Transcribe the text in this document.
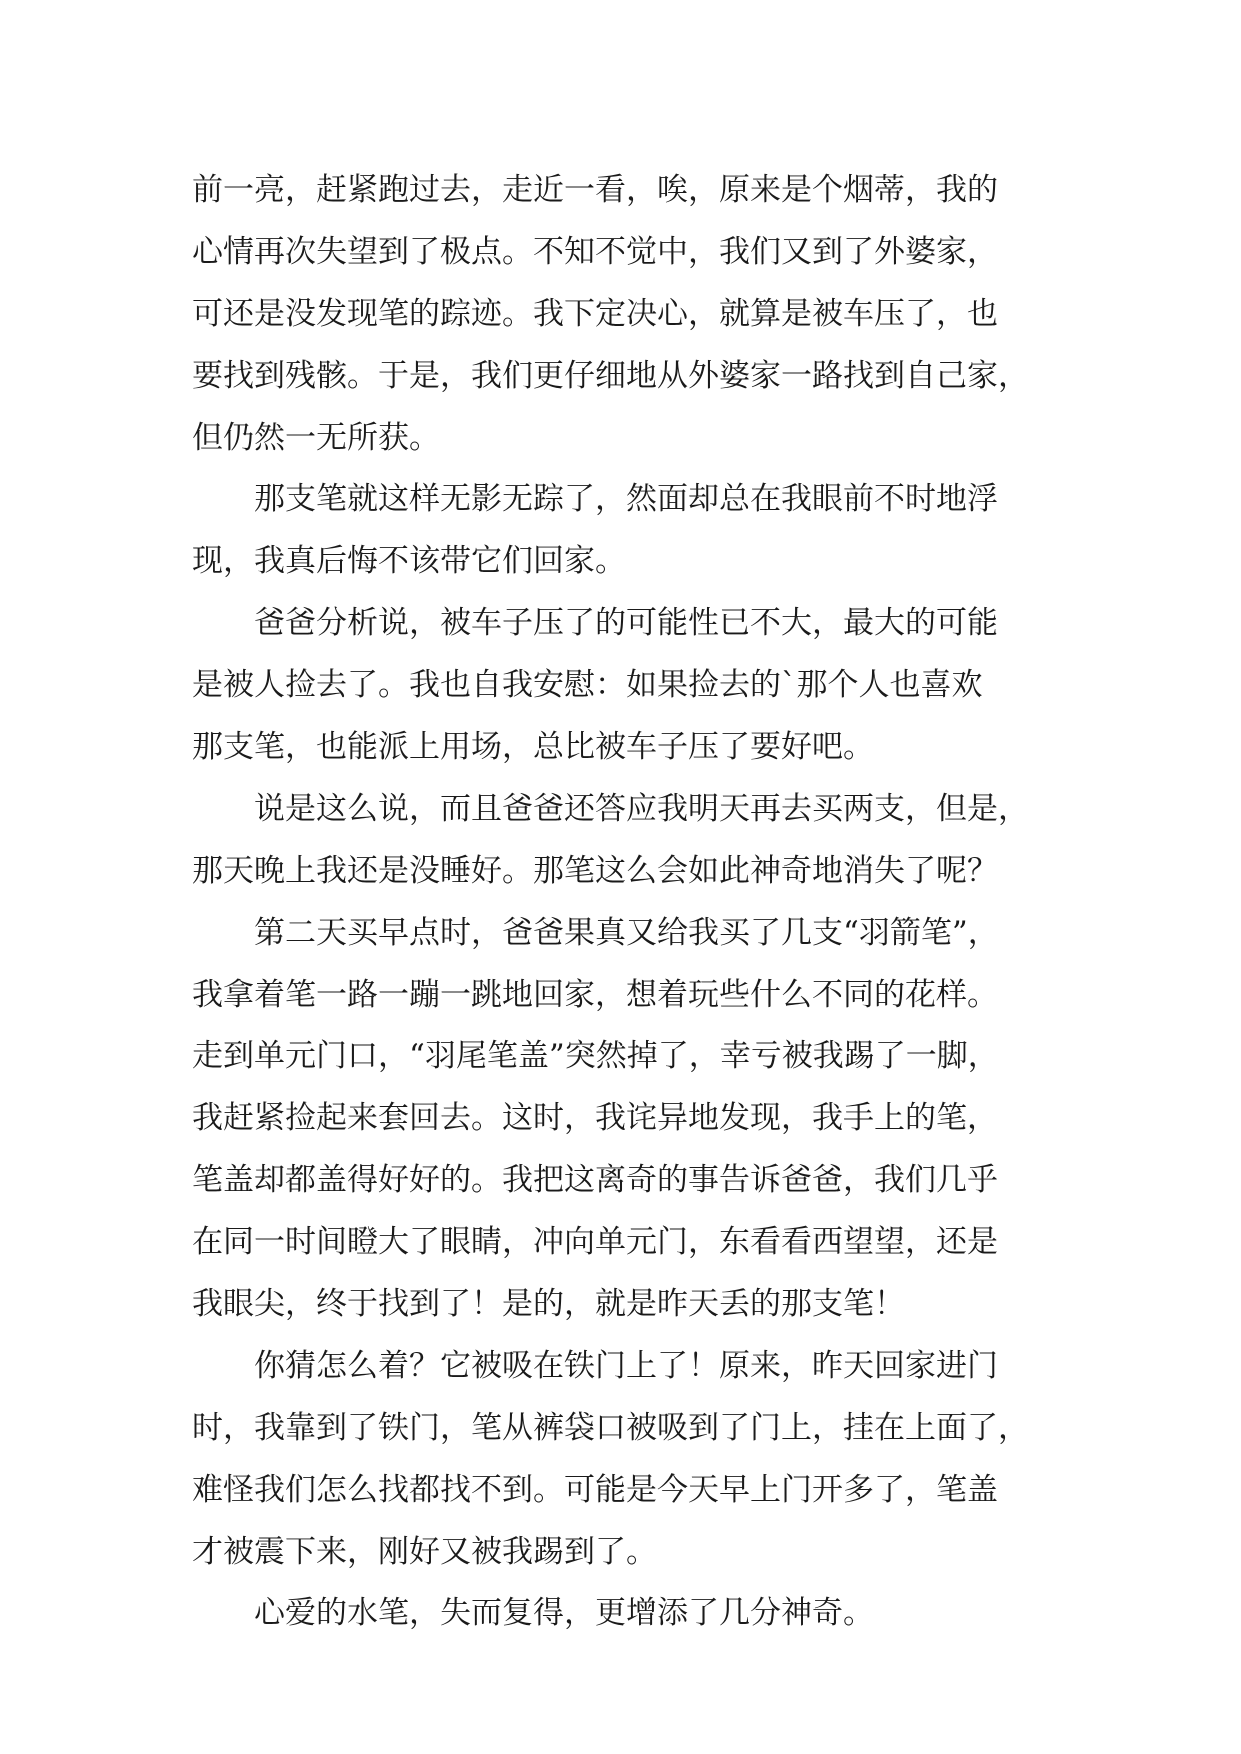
前一亮，赶紧跑过去，走近一看，唉，原来是个烟蒂，我的
心情再次失望到了极点。不知不觉中，我们又到了外婆家，
可还是没发现笔的踪迹。我下定决心，就算是被车压了，也
要找到残骸。于是，我们更仔细地从外婆家一路找到自己家，
但仍然一无所获。
那支笔就这样无影无踪了，然面却总在我眼前不时地浮
现，我真后悔不该带它们回家。
爸爸分析说，被车子压了的可能性已不大，最大的可能
是被人捡去了。我也自我安慰：如果捡去的`那个人也喜欢
那支笔，也能派上用场，总比被车子压了要好吧。
说是这么说，而且爸爸还答应我明天再去买两支，但是，
那天晚上我还是没睡好。那笔这么会如此神奇地消失了呢？
第二天买早点时，爸爸果真又给我买了几支“羽箭笔”，
我拿着笔一路一蹦一跳地回家，想着玩些什么不同的花样。
走到单元门口，“羽尾笔盖”突然掉了，幸亏被我踢了一脚，
我赶紧捡起来套回去。这时，我诧异地发现，我手上的笔，
笔盖却都盖得好好的。我把这离奇的事告诉爸爸，我们几乎
在同一时间瞪大了眼睛，冲向单元门，东看看西望望，还是
我眼尖，终于找到了！是的，就是昨天丢的那支笔！
你猜怎么着？它被吸在铁门上了！原来，昨天回家进门
时，我靠到了铁门，笔从裤袋口被吸到了门上，挂在上面了，
难怪我们怎么找都找不到。可能是今天早上门开多了，笔盖
才被震下来，刚好又被我踢到了。
心爱的水笔，失而复得，更增添了几分神奇。
